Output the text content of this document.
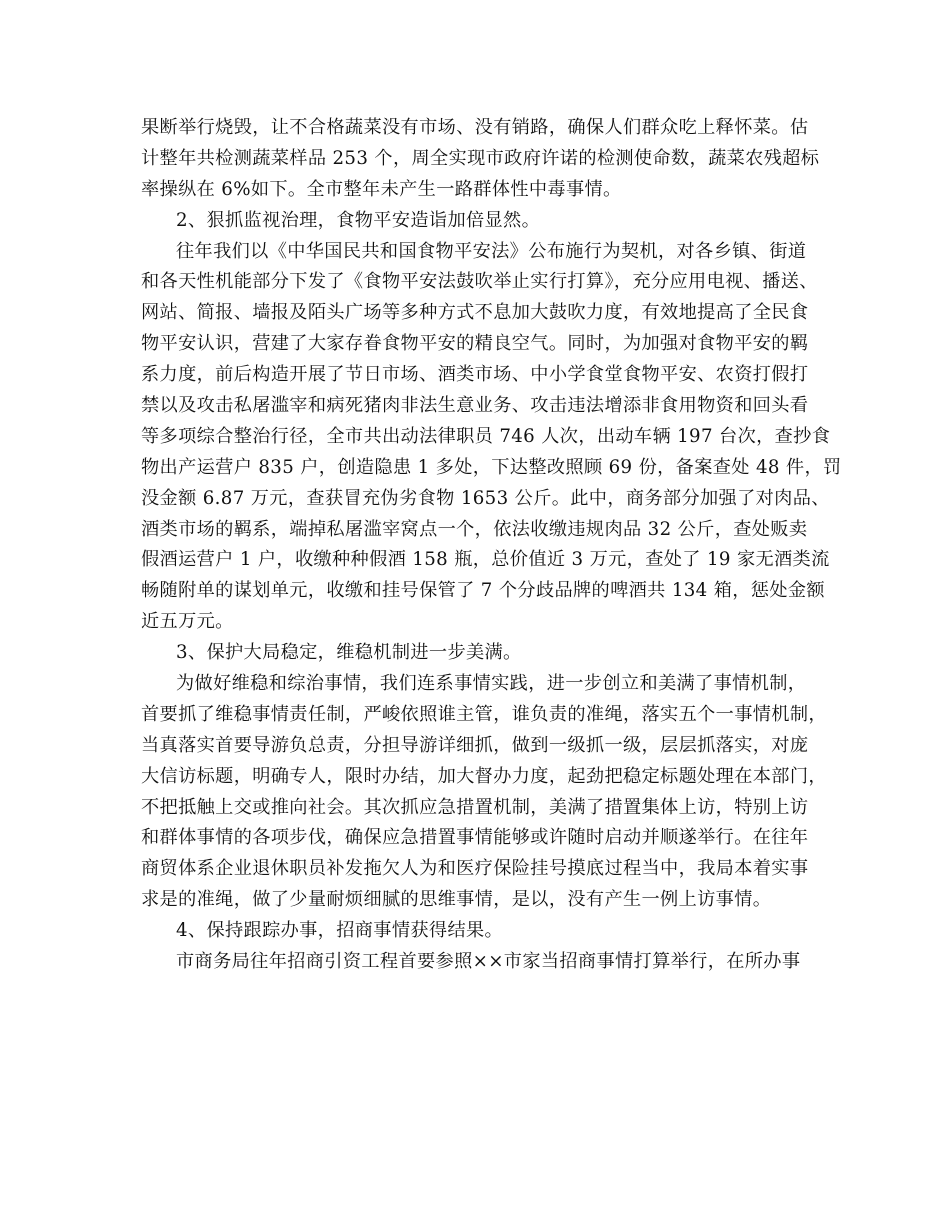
果断举行烧毁，让不合格蔬菜没有市场、没有销路，确保人们群众吃上释怀菜。估
计整年共检测蔬菜样品 253 个，周全实现市政府许诺的检测使命数，蔬菜农残超标
率操纵在 6%如下。全市整年未产生一路群体性中毒事情。
2、狠抓监视治理，食物平安造诣加倍显然。
往年我们以《中华国民共和国食物平安法》公布施行为契机，对各乡镇、街道
和各天性机能部分下发了《食物平安法鼓吹举止实行打算》，充分应用电视、播送、
网站、简报、墙报及陌头广场等多种方式不息加大鼓吹力度，有效地提高了全民食
物平安认识，营建了大家存眷食物平安的精良空气。同时，为加强对食物平安的羁
系力度，前后构造开展了节日市场、酒类市场、中小学食堂食物平安、农资打假打
禁以及攻击私屠滥宰和病死猪肉非法生意业务、攻击违法增添非食用物资和回头看
等多项综合整治行径，全市共出动法律职员 746 人次，出动车辆 197 台次，查抄食
物出产运营户 835 户，创造隐患 1 多处，下达整改照顾 69 份，备案查处 48 件，罚
没金额 6.87 万元，查获冒充伪劣食物 1653 公斤。此中，商务部分加强了对肉品、
酒类市场的羁系，端掉私屠滥宰窝点一个，依法收缴违规肉品 32 公斤，查处贩卖
假酒运营户 1 户，收缴种种假酒 158 瓶，总价值近 3 万元，查处了 19 家无酒类流
畅随附单的谋划单元，收缴和挂号保管了 7 个分歧品牌的啤酒共 134 箱，惩处金额
近五万元。
3、保护大局稳定，维稳机制进一步美满。
为做好维稳和综治事情，我们连系事情实践，进一步创立和美满了事情机制，
首要抓了维稳事情责任制，严峻依照谁主管，谁负责的准绳，落实五个一事情机制，
当真落实首要导游负总责，分担导游详细抓，做到一级抓一级，层层抓落实，对庞
大信访标题，明确专人，限时办结，加大督办力度，起劲把稳定标题处理在本部门，
不把抵触上交或推向社会。其次抓应急措置机制，美满了措置集体上访，特别上访
和群体事情的各项步伐，确保应急措置事情能够或许随时启动并顺遂举行。在往年
商贸体系企业退休职员补发拖欠人为和医疗保险挂号摸底过程当中，我局本着实事
求是的准绳，做了少量耐烦细腻的思维事情，是以，没有产生一例上访事情。
4、保持跟踪办事，招商事情获得结果。
市商务局往年招商引资工程首要参照××市家当招商事情打算举行，在所办事
